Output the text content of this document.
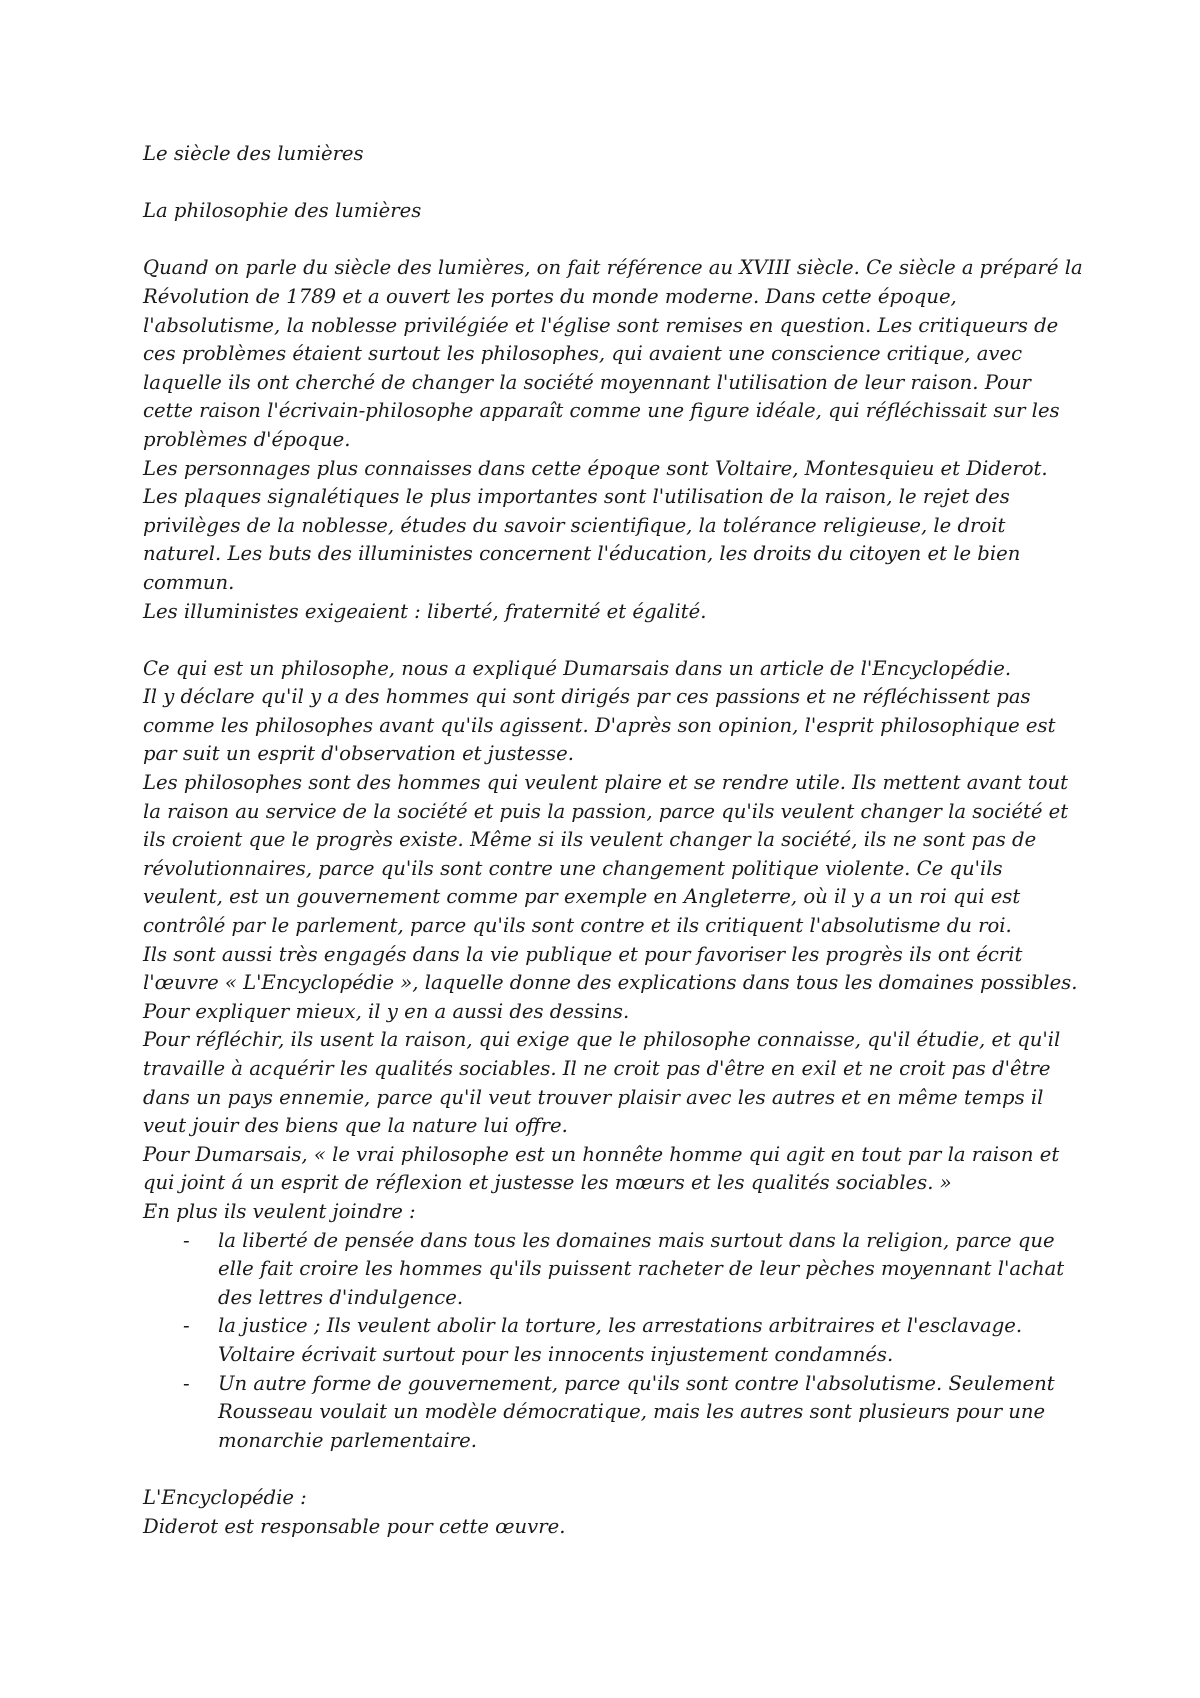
Le siècle des lumières

La philosophie des lumières

Quand on parle du siècle des lumières, on fait référence au XVIII siècle. Ce siècle a préparé la Révolution de 1789 et a ouvert les portes du monde moderne. Dans cette époque, l'absolutisme, la noblesse privilégiée et l'église sont remises en question. Les critiqueurs de ces problèmes étaient surtout les philosophes, qui avaient une conscience critique, avec laquelle ils ont cherché de changer la société moyennant l'utilisation de leur raison. Pour cette raison l'écrivain-philosophe apparaît comme une figure idéale, qui réfléchissait sur les problèmes d'époque.

Les personnages plus connaisses dans cette époque sont Voltaire, Montesquieu et Diderot.

Les plaques signalétiques le plus importantes sont l'utilisation de la raison, le rejet des privilèges de la noblesse, études du savoir scientifique, la tolérance religieuse, le droit naturel. Les buts des illuministes concernent l'éducation, les droits du citoyen et le bien commun.

Les illuministes exigeaient : liberté, fraternité et égalité.

Ce qui est un philosophe, nous a expliqué Dumarsais dans un article de l'Encyclopédie.

Il y déclare qu'il y a des hommes qui sont dirigés par ces passions et ne réfléchissent pas comme les philosophes avant qu'ils agissent. D'après son opinion, l'esprit philosophique est par suit un esprit d'observation et justesse.

Les philosophes sont des hommes qui veulent plaire et se rendre utile. Ils mettent avant tout la raison au service de la société et puis la passion, parce qu'ils veulent changer la société et ils croient que le progrès existe. Même si ils veulent changer la société, ils ne sont pas de révolutionnaires, parce qu'ils sont contre une changement politique violente. Ce qu'ils veulent, est un gouvernement comme par exemple en Angleterre, où il y a un roi qui est contrôlé par le parlement, parce qu'ils sont contre et ils critiquent l'absolutisme du roi.

Ils sont aussi très engagés dans la vie publique et pour favoriser les progrès ils ont écrit l'œuvre « L'Encyclopédie », laquelle donne des explications dans tous les domaines possibles. Pour expliquer mieux, il y en a aussi des dessins.

Pour réfléchir, ils usent la raison, qui exige que le philosophe connaisse, qu'il étudie, et qu'il travaille à acquérir les qualités sociables. Il ne croit pas d'être en exil et ne croit pas d'être dans un pays ennemie, parce qu'il veut trouver plaisir avec les autres et en même temps il veut jouir des biens que la nature lui offre.

Pour Dumarsais, « le vrai philosophe est un honnête homme qui agit en tout par la raison et qui joint á un esprit de réflexion et justesse les mœurs et les qualités sociables. »

En plus ils veulent joindre :

- la liberté de pensée dans tous les domaines mais surtout dans la religion, parce que elle fait croire les hommes qu'ils puissent racheter de leur pèches moyennant l'achat des lettres d'indulgence.
- la justice ; Ils veulent abolir la torture, les arrestations arbitraires et l'esclavage. Voltaire écrivait surtout pour les innocents injustement condamnés.
- Un autre forme de gouvernement, parce qu'ils sont contre l'absolutisme. Seulement Rousseau voulait un modèle démocratique, mais les autres sont plusieurs pour une monarchie parlementaire.

L'Encyclopédie :

Diderot est responsable pour cette œuvre.
